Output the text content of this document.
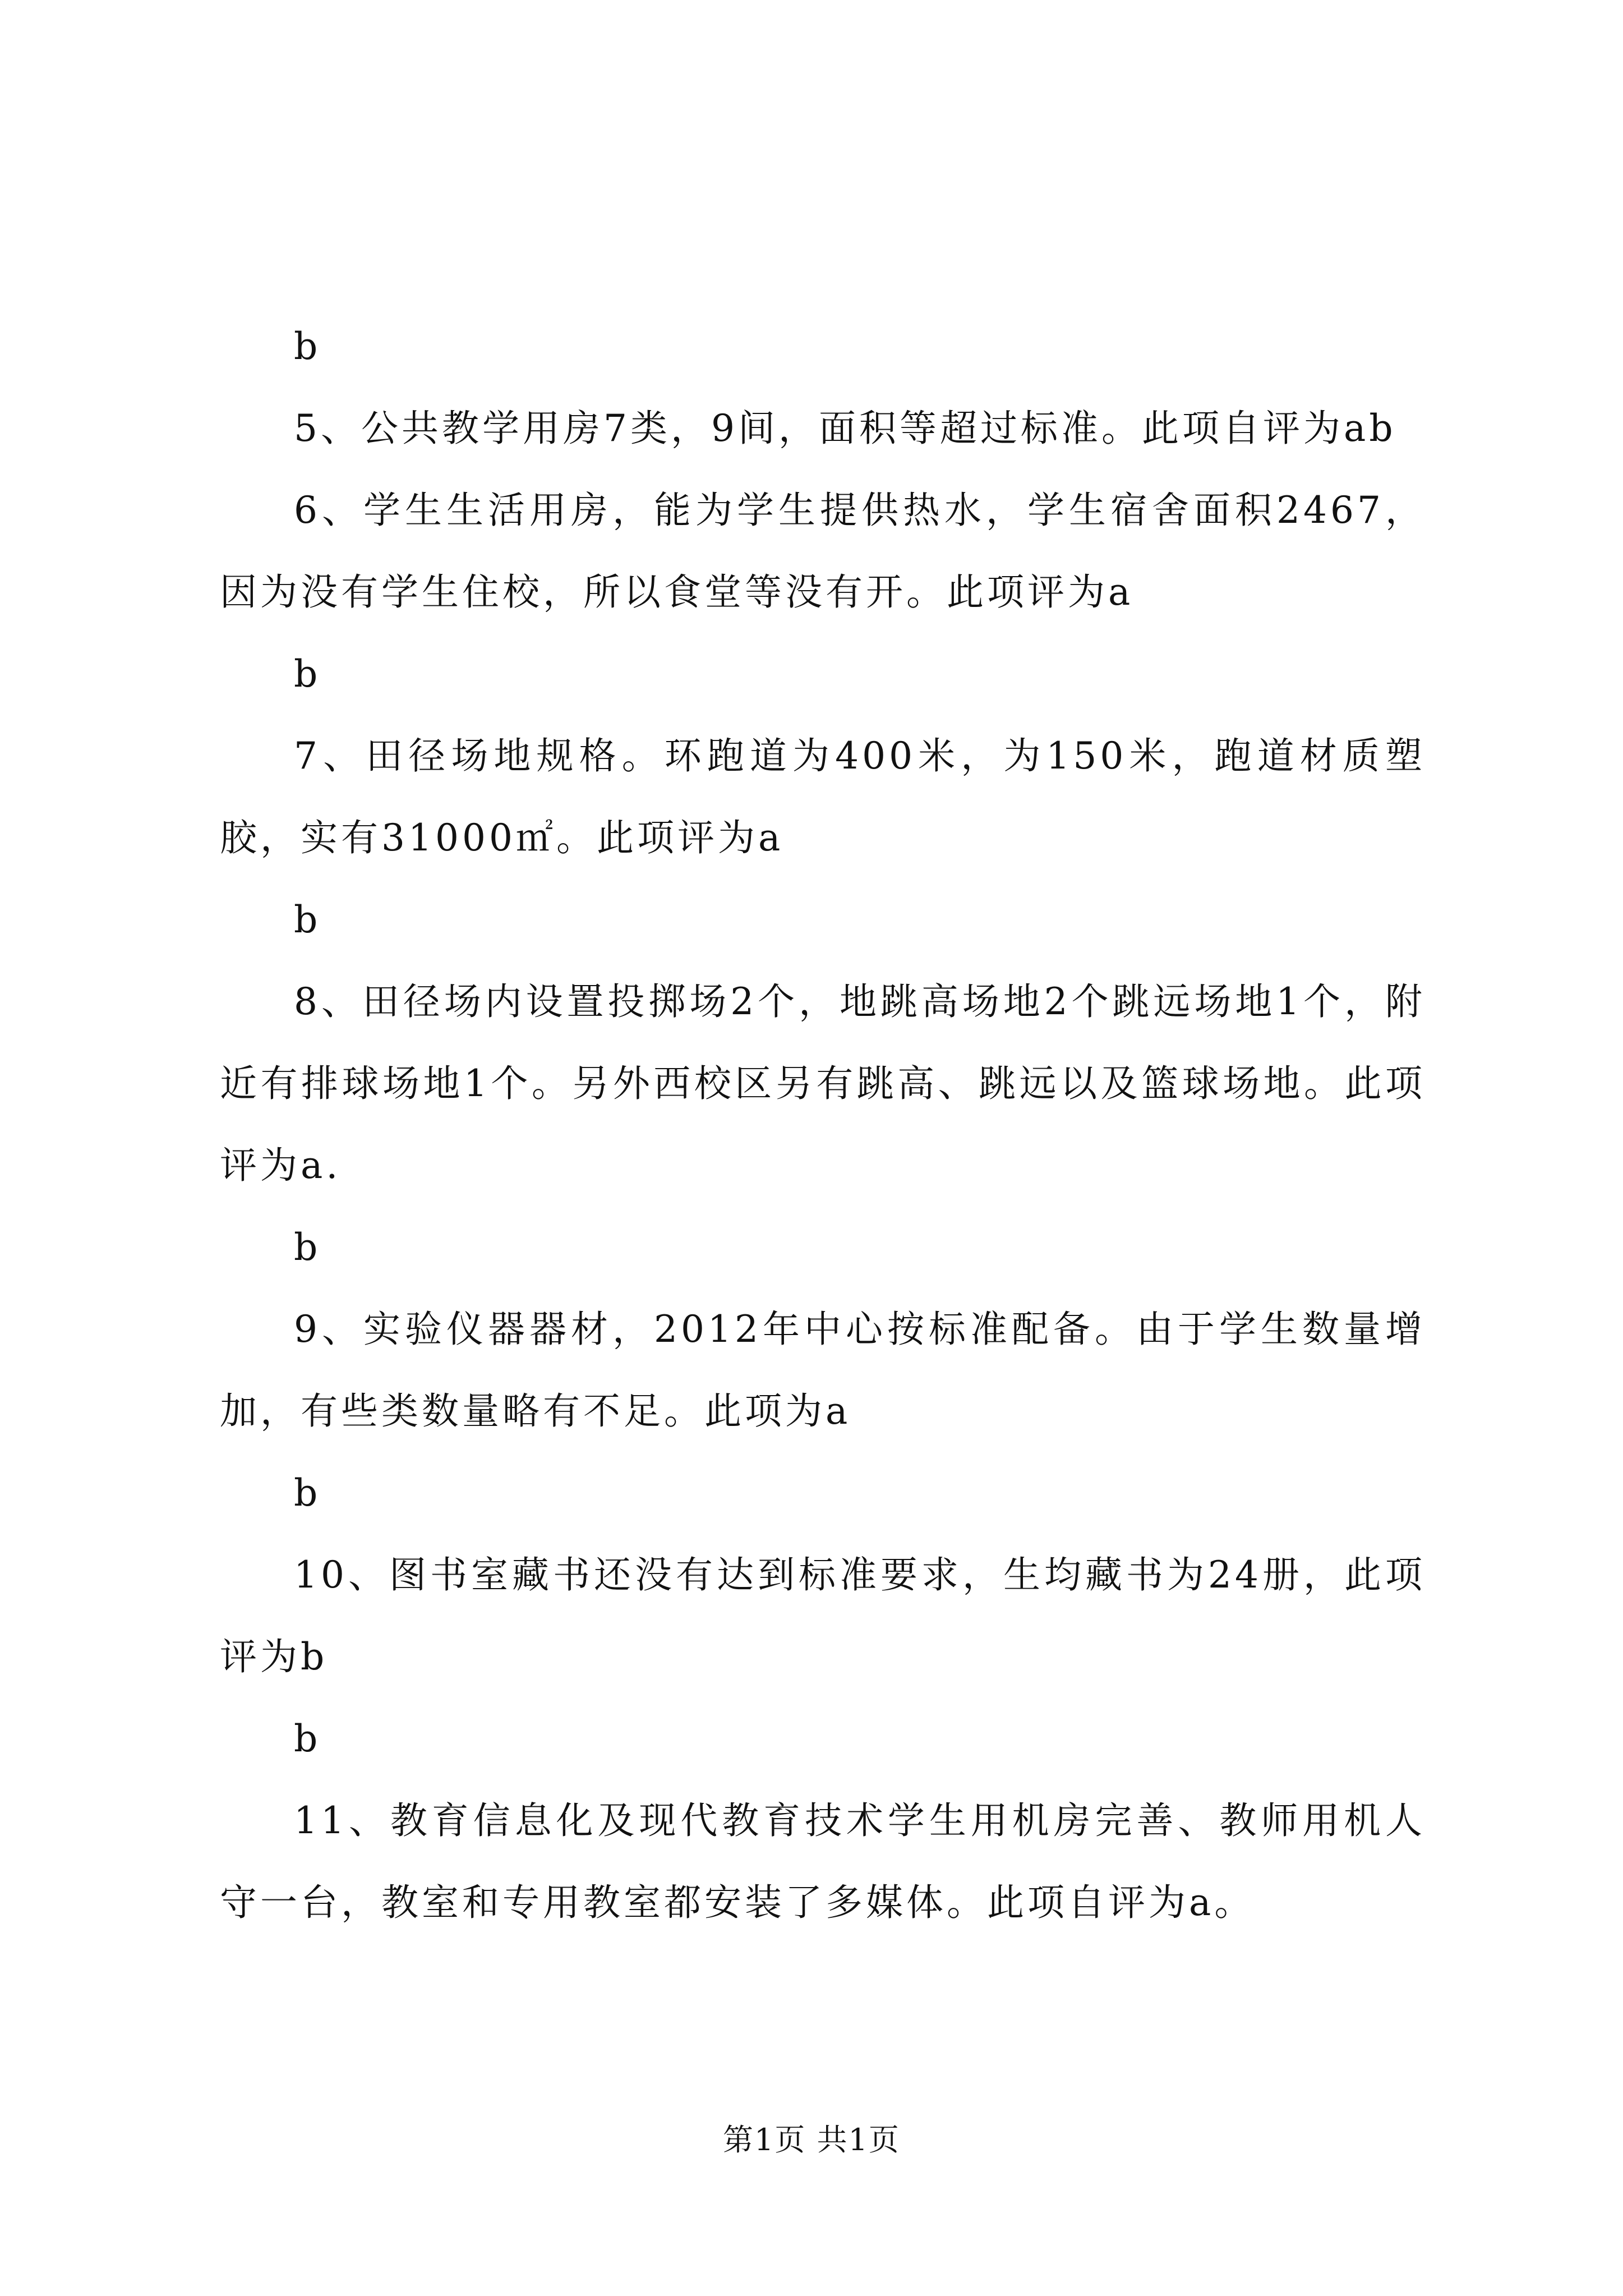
b

5、公共教学用房7类，9间，面积等超过标准。此项自评为ab

6、学生生活用房，能为学生提供热水，学生宿舍面积2467，因为没有学生住校，所以食堂等没有开。此项评为a

b

7、田径场地规格。环跑道为400米，为150米，跑道材质塑胶，实有31000㎡。此项评为a

b

8、田径场内设置投掷场2个，地跳高场地2个跳远场地1个，附近有排球场地1个。另外西校区另有跳高、跳远以及篮球场地。此项评为a.

b

9、实验仪器器材，2012年中心按标准配备。由于学生数量增加，有些类数量略有不足。此项为a

b

10、图书室藏书还没有达到标准要求，生均藏书为24册，此项评为b

b

11、教育信息化及现代教育技术学生用机房完善、教师用机人守一台，教室和专用教室都安装了多媒体。此项自评为a。

第1页 共1页
